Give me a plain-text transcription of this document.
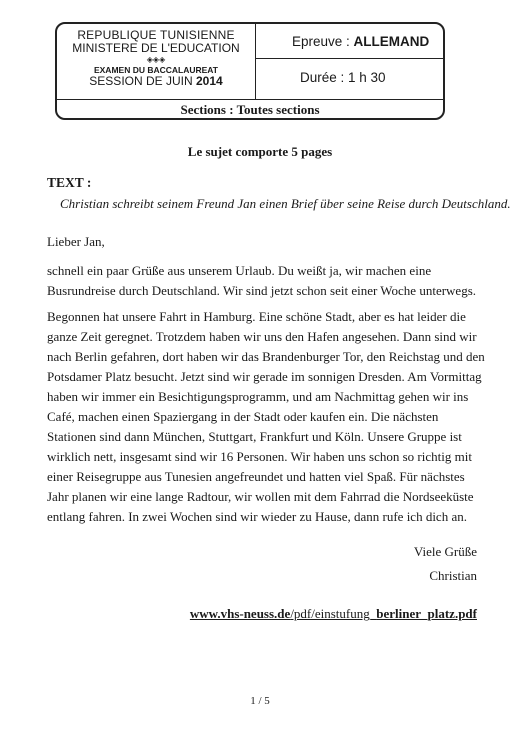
REPUBLIQUE TUNISIENNE
MINISTERE DE L'EDUCATION
◈◈◈
EXAMEN DU BACCALAUREAT
SESSION DE JUIN 2014
Epreuve : ALLEMAND
Durée : 1 h 30
Sections : Toutes sections
Le sujet comporte 5 pages
TEXT :
Christian schreibt seinem Freund Jan einen Brief über seine Reise durch Deutschland.
Lieber Jan,
schnell ein paar Grüße aus unserem Urlaub. Du weißt ja, wir machen eine Busrundreise durch Deutschland. Wir sind jetzt schon seit einer Woche unterwegs.
Begonnen hat unsere Fahrt in Hamburg. Eine schöne Stadt, aber es hat leider die ganze Zeit geregnet. Trotzdem haben wir uns den Hafen angesehen. Dann sind wir nach Berlin gefahren, dort haben wir das Brandenburger Tor, den Reichstag und den Potsdamer Platz besucht. Jetzt sind wir gerade im sonnigen Dresden. Am Vormittag haben wir immer ein Besichtigungsprogramm, und am Nachmittag gehen wir ins Café, machen einen Spaziergang in der Stadt oder kaufen ein. Die nächsten Stationen sind dann München, Stuttgart, Frankfurt und Köln. Unsere Gruppe ist wirklich nett, insgesamt sind wir 16 Personen. Wir haben uns schon so richtig mit einer Reisegruppe aus Tunesien angefreundet und hatten viel Spaß. Für nächstes Jahr planen wir eine lange Radtour, wir wollen mit dem Fahrrad die Nordseeküste entlang fahren. In zwei Wochen sind wir wieder zu Hause, dann rufe ich dich an.
Viele Grüße
Christian
www.vhs-neuss.de/pdf/einstufung_berliner_platz.pdf
1 / 5
